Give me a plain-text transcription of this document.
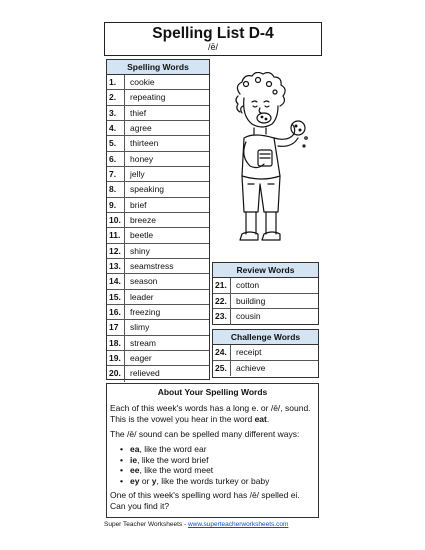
Spelling List D-4
/ē/
Spelling Words
1.	cookie
2.	repeating
3.	thief
4.	agree
5.	thirteen
6.	honey
7.	jelly
8.	speaking
9.	brief
10.	breeze
11.	beetle
12.	shiny
13.	seamstress
14.	season
15.	leader
16.	freezing
17	slimy
18.	stream
19.	eager
20.	relieved
Review Words
21.	cotton
22.	building
23.	cousin
Challenge Words
24.	receipt
25.	achieve
About Your Spelling Words

Each of this week's words has a long e. or /ē/, sound. This is the vowel you hear in the word eat.

The /ē/ sound can be spelled many different ways:

• ea, like the word ear
• ie, like the word brief
• ee, like the word meet
• ey or y, like the words turkey or baby

One of this week's spelling word has /ē/ spelled ei. Can you find it?

Super Teacher Worksheets - www.superteacherworksheets.com
